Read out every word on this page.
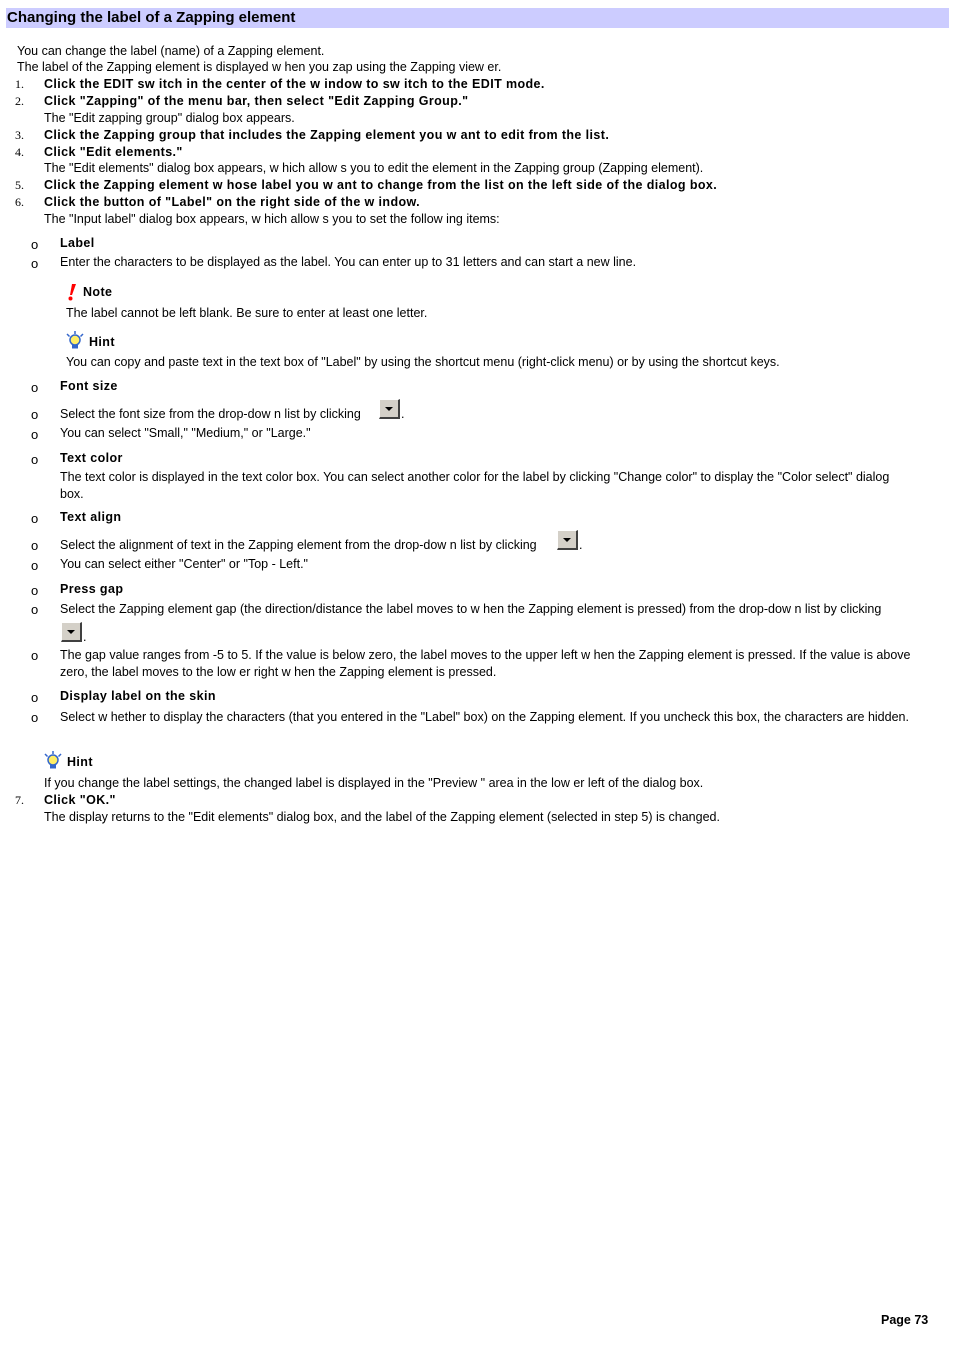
Changing the label of a Zapping element
You can change the label (name) of a Zapping element.
The label of the Zapping element is displayed w hen you zap using the Zapping view er.
1. Click the EDIT sw itch in the center of the w indow to sw itch to the EDIT mode.
2. Click "Zapping" of the menu bar, then select "Edit Zapping Group."
The "Edit zapping group" dialog box appears.
3. Click the Zapping group that includes the Zapping element you w ant to edit from the list.
4. Click "Edit elements."
The "Edit elements" dialog box appears, w hich allow s you to edit the element in the Zapping group (Zapping element).
5. Click the Zapping element w hose label you w ant to change from the list on the left side of the dialog box.
6. Click the button of "Label" on the right side of the w indow.
The "Input label" dialog box appears, w hich allow s you to set the follow ing items:
o Label
o Enter the characters to be displayed as the label. You can enter up to 31 letters and can start a new line.
Note
The label cannot be left blank. Be sure to enter at least one letter.
Hint
You can copy and paste text in the text box of "Label" by using the shortcut menu (right-click menu) or by using the shortcut keys.
o Font size
o Select the font size from the drop-dow n list by clicking	.
o You can select "Small," "Medium," or "Large."
o Text color
The text color is displayed in the text color box. You can select another color for the label by clicking "Change color" to display the "Color select" dialog box.
o Text align
o Select the alignment of text in the Zapping element from the drop-dow n list by clicking	.
o You can select either "Center" or "Top - Left."
o Press gap
o Select the Zapping element gap (the direction/distance the label moves to w hen the Zapping element is pressed) from the drop-dow n list by clicking
.
o The gap value ranges from -5 to 5. If the value is below zero, the label moves to the upper left w hen the Zapping element is pressed. If the value is above zero, the label moves to the low er right w hen the Zapping element is pressed.
o Display label on the skin
o Select w hether to display the characters (that you entered in the "Label" box) on the Zapping element. If you uncheck this box, the characters are hidden.
Hint
If you change the label settings, the changed label is displayed in the "Preview " area in the low er left of the dialog box.
7. Click "OK."
The display returns to the "Edit elements" dialog box, and the label of the Zapping element (selected in step 5) is changed.
Page 73
